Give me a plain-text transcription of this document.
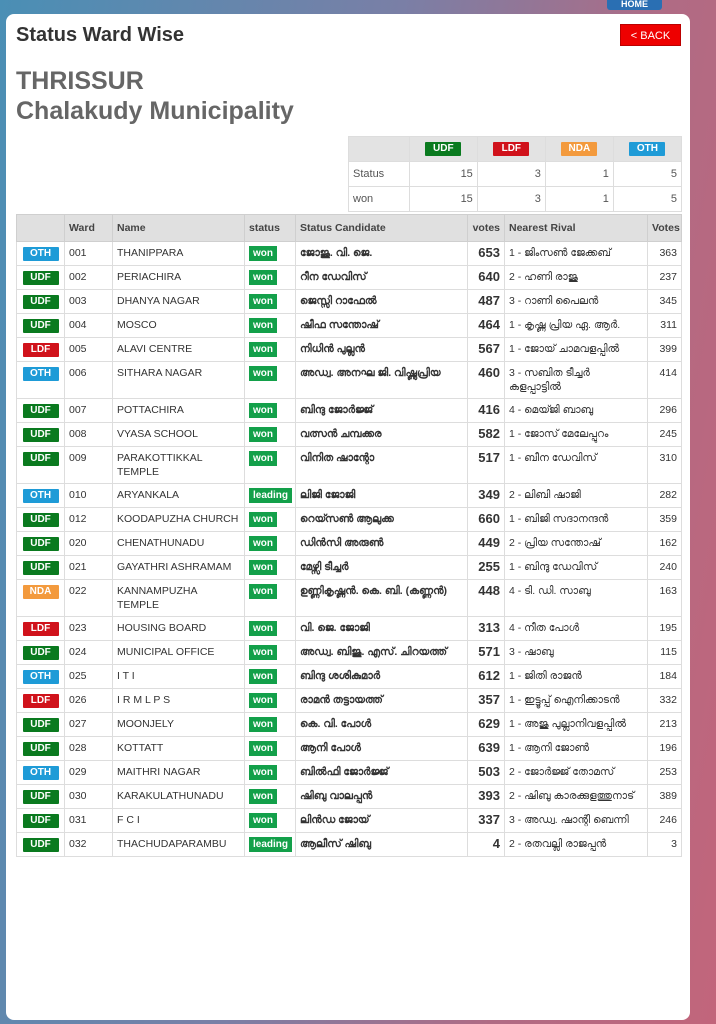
HOME
Status Ward Wise	< BACK
THRISSUR
Chalakudy Municipality
	UDF	LDF	NDA	OTH
Status	15	3	1	5
won	15	3	1	5
	Ward	Name	status	Status Candidate	votes	Nearest Rival	Votes
OTH	001	THANIPPARA	won	ജോജു. വി. ജെ.	653	1 - ജിംസൺ ജേക്കബ്	363
UDF	002	PERIACHIRA	won	റീന ഡേവിസ്	640	2 - ഹണി രാജു	237
UDF	003	DHANYA NAGAR	won	ജെസ്സി റാഫേൽ	487	3 - റാണി പൈലൻ	345
UDF	004	MOSCO	won	ഷീഫ സന്തോഷ്	464	1 - കൃഷ്ണ പ്രിയ ഏ. ആർ.	311
LDF	005	ALAVI CENTRE	won	നിധിൻ പുല്ലൻ	567	1 - ജോയ് ചാമവളപ്പിൽ	399
OTH	006	SITHARA NAGAR	won	അഡ്വ. അനഘ ജി. വിഷ്ണുപ്രിയ	460	3 - സബിത ടീച്ചർ കളപ്പാട്ടിൽ	414
UDF	007	POTTACHIRA	won	ബിന്ദു ജോർജ്ജ്	416	4 - മെയ്ജി ബാബു	296
UDF	008	VYASA SCHOOL	won	വത്സൻ ചമ്പക്കര	582	1 - ജോസ് മേലേപ്പുറം	245
UDF	009	PARAKOTTIKKAL TEMPLE	won	വിനിത ഷാന്റോ	517	1 - ബീന ഡേവിസ്	310
OTH	010	ARYANKALA	leading	ലിജി ജോജി	349	2 - ലിബി ഷാജി	282
UDF	012	KOODAPUZHA CHURCH	won	റെയ്സൺ ആലുക്ക	660	1 - ബിജി സദാനന്ദൻ	359
UDF	020	CHENATHUNADU	won	ഡിൻസി അരുൺ	449	2 - പ്രിയ സന്തോഷ്	162
UDF	021	GAYATHRI ASHRAMAM	won	മേഴ്സി ടീച്ചർ	255	1 - ബിന്ദു ഡേവിസ്	240
NDA	022	KANNAMPUZHA TEMPLE	won	ഉണ്ണികൃഷ്ണൻ. കെ. ബി. (കണ്ണൻ)	448	4 - ടി. ഡി. സാബു	163
LDF	023	HOUSING BOARD	won	വി. ജെ. ജോജി	313	4 - നീത പോൾ	195
UDF	024	MUNICIPAL OFFICE	won	അഡ്വ. ബിജു. എസ്. ചിറയത്ത്	571	3 - ഷാബു	115
OTH	025	I T I	won	ബിന്ദു ശശികുമാർ	612	1 - ജിതി രാജൻ	184
LDF	026	I R M L P S	won	രാമൻ തട്ടായത്ത്	357	1 - ഇട്ടൂപ്പ് ഐനിക്കാടൻ	332
UDF	027	MOONJELY	won	കെ. വി. പോൾ	629	1 - അജു പുല്ലാനിവളപ്പിൽ	213
UDF	028	KOTTATT	won	ആനി പോൾ	639	1 - ആനി ജോൺ	196
OTH	029	MAITHRI NAGAR	won	ബിൽഫി ജോർജ്ജ്	503	2 - ജോർജ്ജ് തോമസ്	253
UDF	030	KARAKULATHUNADU	won	ഷിബു വാലപ്പൻ	393	2 - ഷിബു കാരക്കുളത്തുനാട്	389
UDF	031	F C I	won	ലിൻഡ ജോയ്	337	3 - അഡ്വ. ഷാന്റി ബെന്നി	246
UDF	032	THACHUDAPARAMBU	leading	ആലീസ് ഷിബു	4	2 - രതവല്ലി രാജപ്പൻ	3
